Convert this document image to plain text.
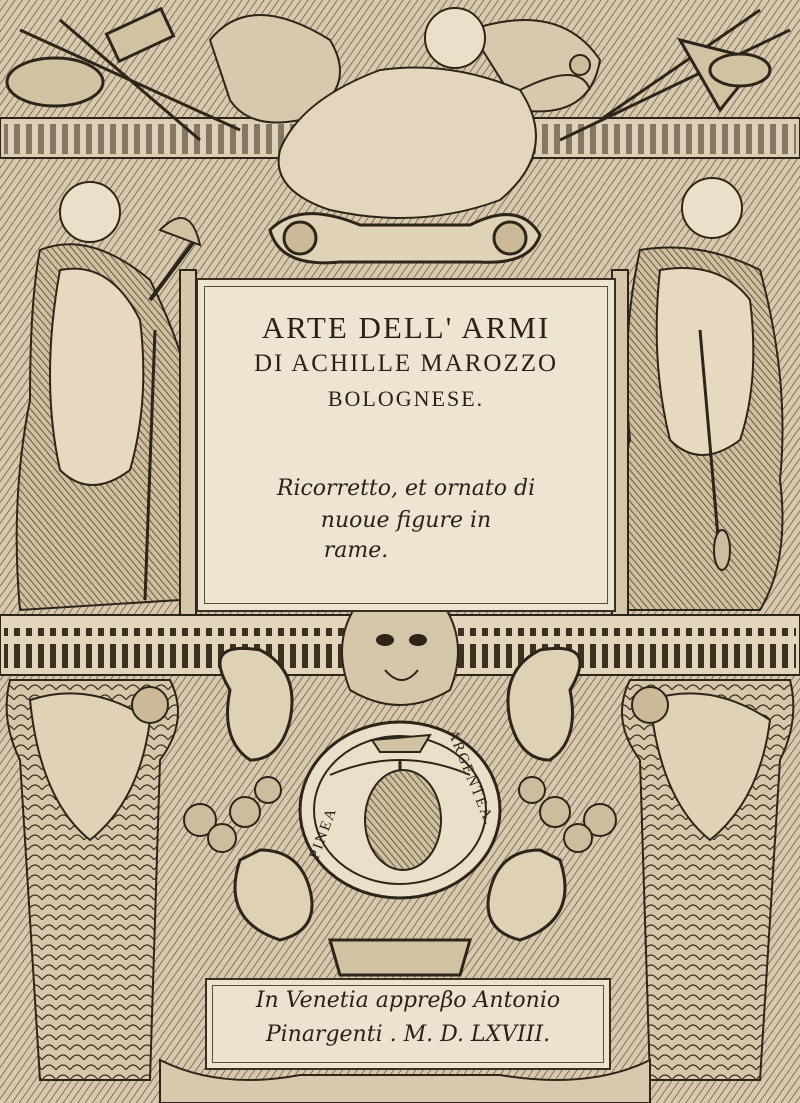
PINEA
ARGENTEA.
ARTE DELL' ARMI
DI ACHILLE MAROZZO
BOLOGNESE.
Ricorretto, et ornato di
nuoue figure in
rame.
In Venetia appreβo Antonio
Pinargenti . M. D. LXVIII.
